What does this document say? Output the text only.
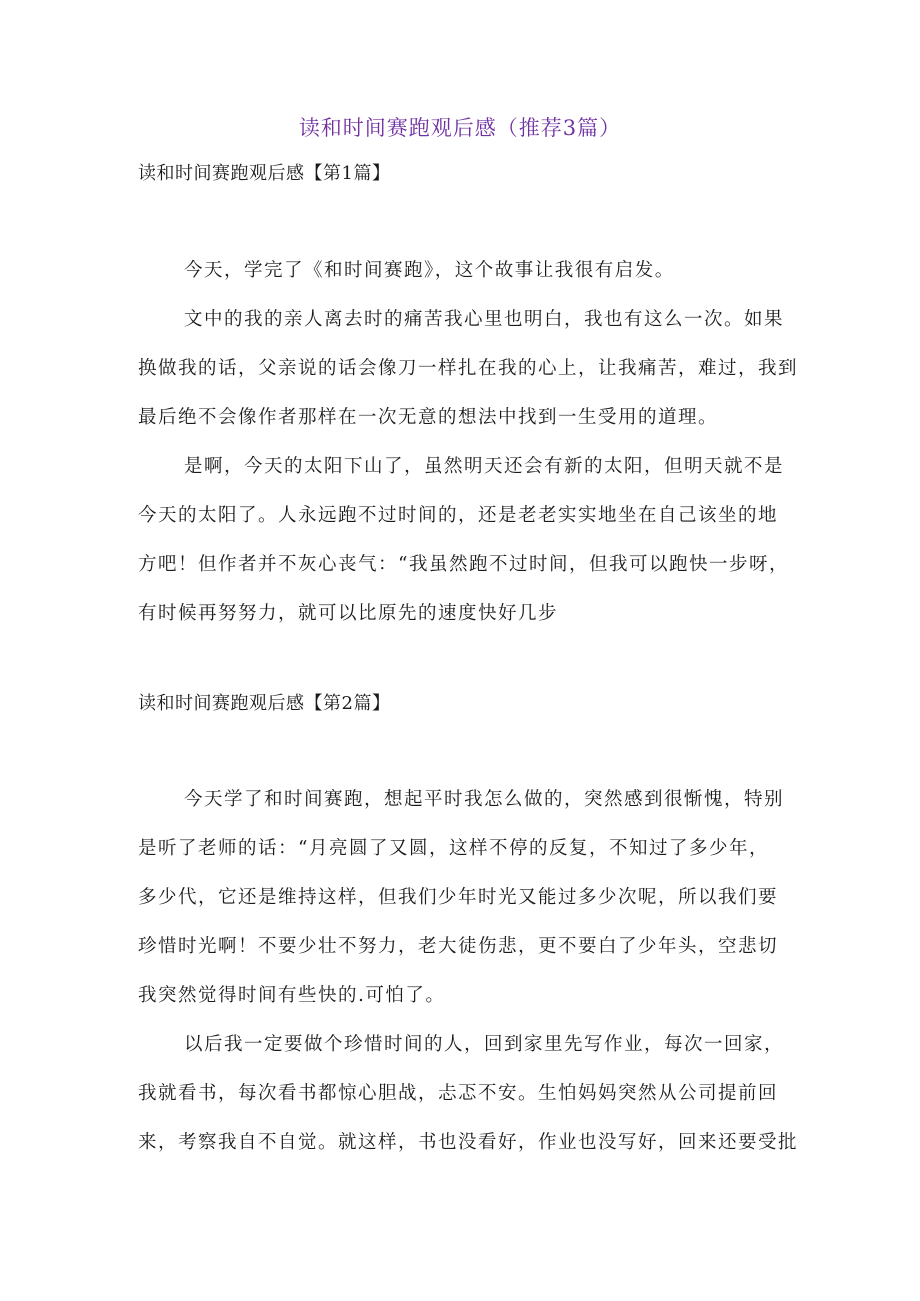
读和时间赛跑观后感（推荐3篇）
读和时间赛跑观后感【第1篇】
今天，学完了《和时间赛跑》，这个故事让我很有启发。
文中的我的亲人离去时的痛苦我心里也明白，我也有这么一次。如果
换做我的话，父亲说的话会像刀一样扎在我的心上，让我痛苦，难过，我到
最后绝不会像作者那样在一次无意的想法中找到一生受用的道理。
是啊，今天的太阳下山了，虽然明天还会有新的太阳，但明天就不是
今天的太阳了。人永远跑不过时间的，还是老老实实地坐在自己该坐的地
方吧！但作者并不灰心丧气：“我虽然跑不过时间，但我可以跑快一步呀，
有时候再努努力，就可以比原先的速度快好几步
读和时间赛跑观后感【第2篇】
今天学了和时间赛跑，想起平时我怎么做的，突然感到很惭愧，特别
是听了老师的话：“月亮圆了又圆，这样不停的反复，不知过了多少年，
多少代，它还是维持这样，但我们少年时光又能过多少次呢，所以我们要
珍惜时光啊！不要少壮不努力，老大徒伤悲，更不要白了少年头，空悲切
我突然觉得时间有些快的.可怕了。
以后我一定要做个珍惜时间的人，回到家里先写作业，每次一回家，
我就看书，每次看书都惊心胆战，忐忑不安。生怕妈妈突然从公司提前回
来，考察我自不自觉。就这样，书也没看好，作业也没写好，回来还要受批
